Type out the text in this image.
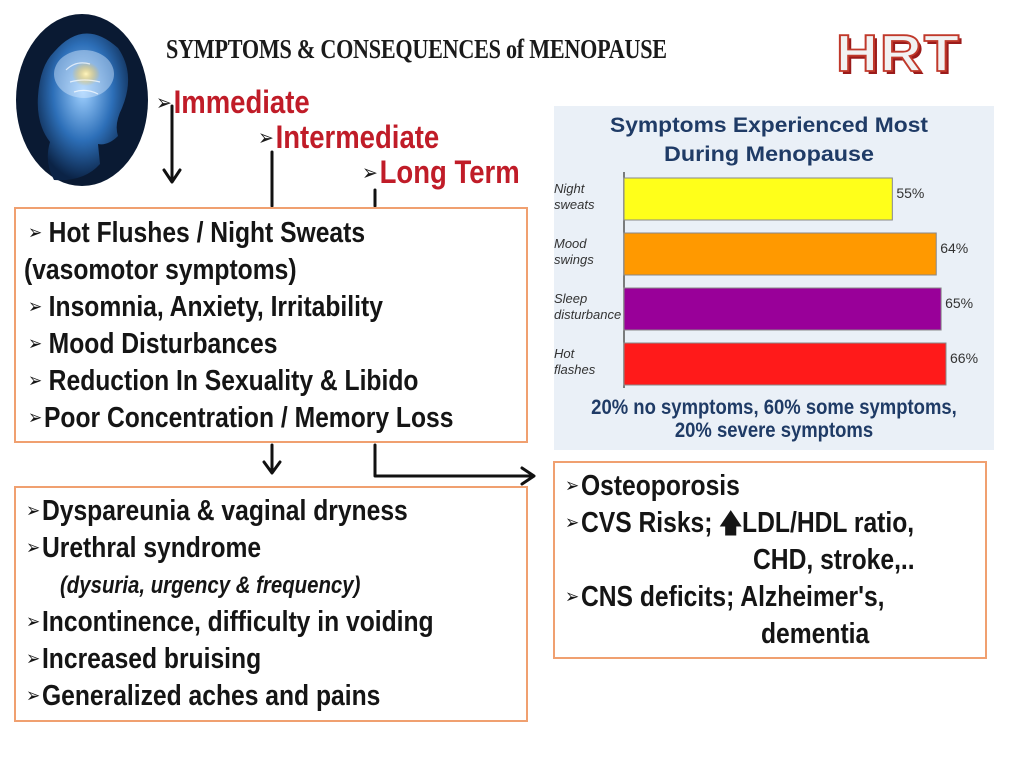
SYMPTOMS & CONSEQUENCES of MENOPAUSE	HRT
➢Immediate
➢Intermediate
➢Long Term
➢ Hot Flushes / Night Sweats
(vasomotor symptoms)
➢ Insomnia, Anxiety, Irritability
➢ Mood Disturbances
➢ Reduction In Sexuality & Libido
➢Poor Concentration / Memory Loss
➢Dyspareunia & vaginal dryness
➢Urethral syndrome
(dysuria, urgency & frequency)
➢Incontinence, difficulty in voiding
➢Increased bruising
➢Generalized aches and pains
➢Osteoporosis
➢CVS Risks; 🡅LDL/HDL ratio,
CHD, stroke,..
➢CNS deficits; Alzheimer's,
dementia
Symptoms Experienced Most
During Menopause
Night
sweats
55%
Mood
swings
64%
Sleep
disturbance
65%
Hot
flashes
66%
20% no symptoms, 60% some symptoms,
20% severe symptoms
